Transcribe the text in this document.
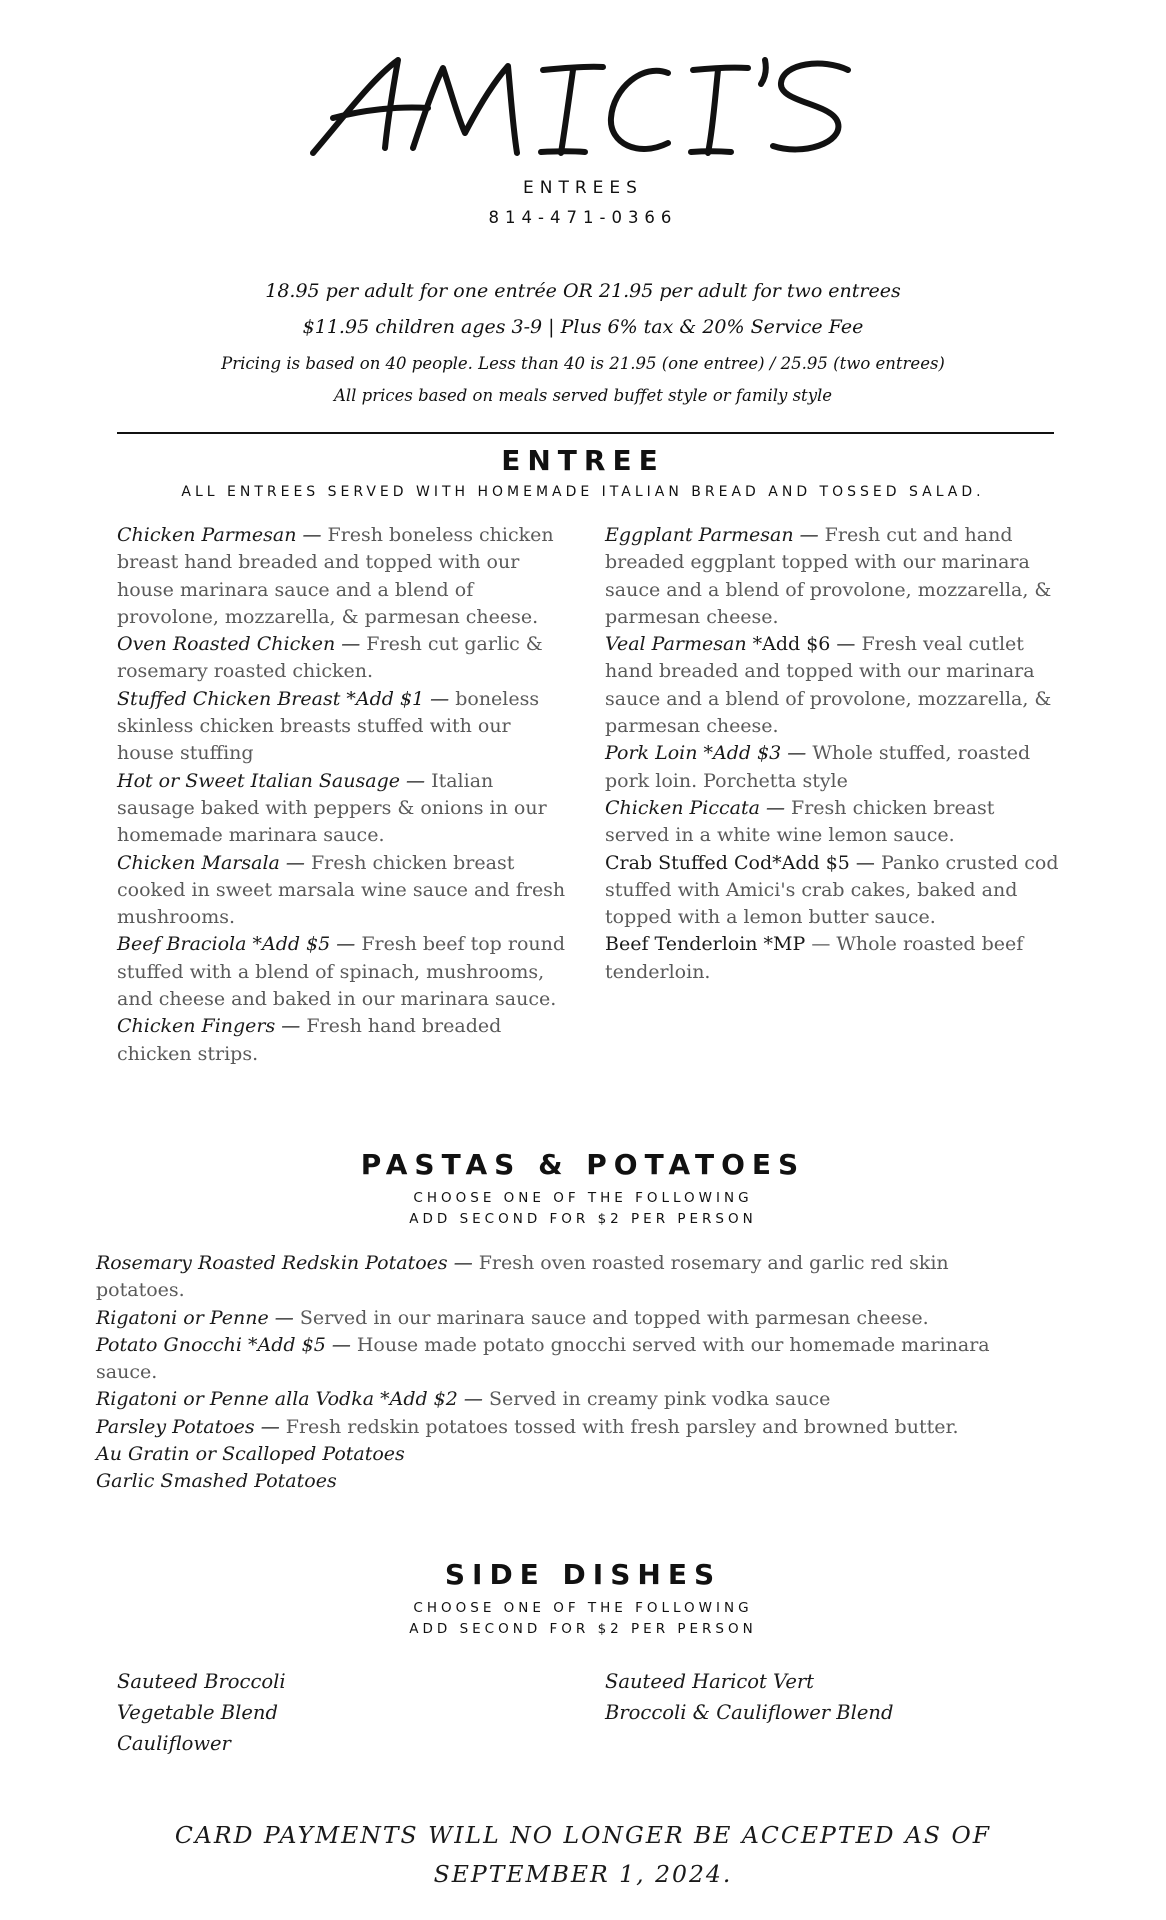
ENTREES
814-471-0366
18.95 per adult for one entrée OR 21.95 per adult for two entrees
$11.95 children ages 3-9 | Plus 6% tax & 20% Service Fee
Pricing is based on 40 people. Less than 40 is 21.95 (one entree) / 25.95 (two entrees)
All prices based on meals served buffet style or family style
ENTREE
ALL ENTREES SERVED WITH HOMEMADE ITALIAN BREAD AND TOSSED SALAD.

Chicken Parmesan — Fresh boneless chicken breast hand breaded and topped with our house marinara sauce and a blend of provolone, mozzarella, & parmesan cheese.

Oven Roasted Chicken — Fresh cut garlic & rosemary roasted chicken.

Stuffed Chicken Breast *Add $1 — boneless skinless chicken breasts stuffed with our house stuffing

Hot or Sweet Italian Sausage — Italian sausage baked with peppers & onions in our homemade marinara sauce.

Chicken Marsala — Fresh chicken breast cooked in sweet marsala wine sauce and fresh mushrooms.

Beef Braciola *Add $5 — Fresh beef top round stuffed with a blend of spinach, mushrooms, and cheese and baked in our marinara sauce.

Chicken Fingers — Fresh hand breaded chicken strips.

Eggplant Parmesan — Fresh cut and hand breaded eggplant topped with our marinara sauce and a blend of provolone, mozzarella, & parmesan cheese.

Veal Parmesan *Add $6 — Fresh veal cutlet hand breaded and topped with our marinara sauce and a blend of provolone, mozzarella, & parmesan cheese.

Pork Loin *Add $3 — Whole stuffed, roasted pork loin. Porchetta style

Chicken Piccata — Fresh chicken breast served in a white wine lemon sauce.

Crab Stuffed Cod*Add $5 — Panko crusted cod stuffed with Amici's crab cakes, baked and topped with a lemon butter sauce.

Beef Tenderloin *MP — Whole roasted beef tenderloin.

PASTAS & POTATOES
CHOOSE ONE OF THE FOLLOWING
ADD SECOND FOR $2 PER PERSON

Rosemary Roasted Redskin Potatoes — Fresh oven roasted rosemary and garlic red skin potatoes.

Rigatoni or Penne — Served in our marinara sauce and topped with parmesan cheese.

Potato Gnocchi *Add $5 — House made potato gnocchi served with our homemade marinara sauce.

Rigatoni or Penne alla Vodka *Add $2 — Served in creamy pink vodka sauce

Parsley Potatoes — Fresh redskin potatoes tossed with fresh parsley and browned butter.

Au Gratin or Scalloped Potatoes

Garlic Smashed Potatoes

SIDE DISHES
CHOOSE ONE OF THE FOLLOWING
ADD SECOND FOR $2 PER PERSON
Sauteed Broccoli
Vegetable Blend
Cauliflower
Sauteed Haricot Vert
Broccoli & Cauliflower Blend
CARD PAYMENTS WILL NO LONGER BE ACCEPTED AS OF
SEPTEMBER 1, 2024.
